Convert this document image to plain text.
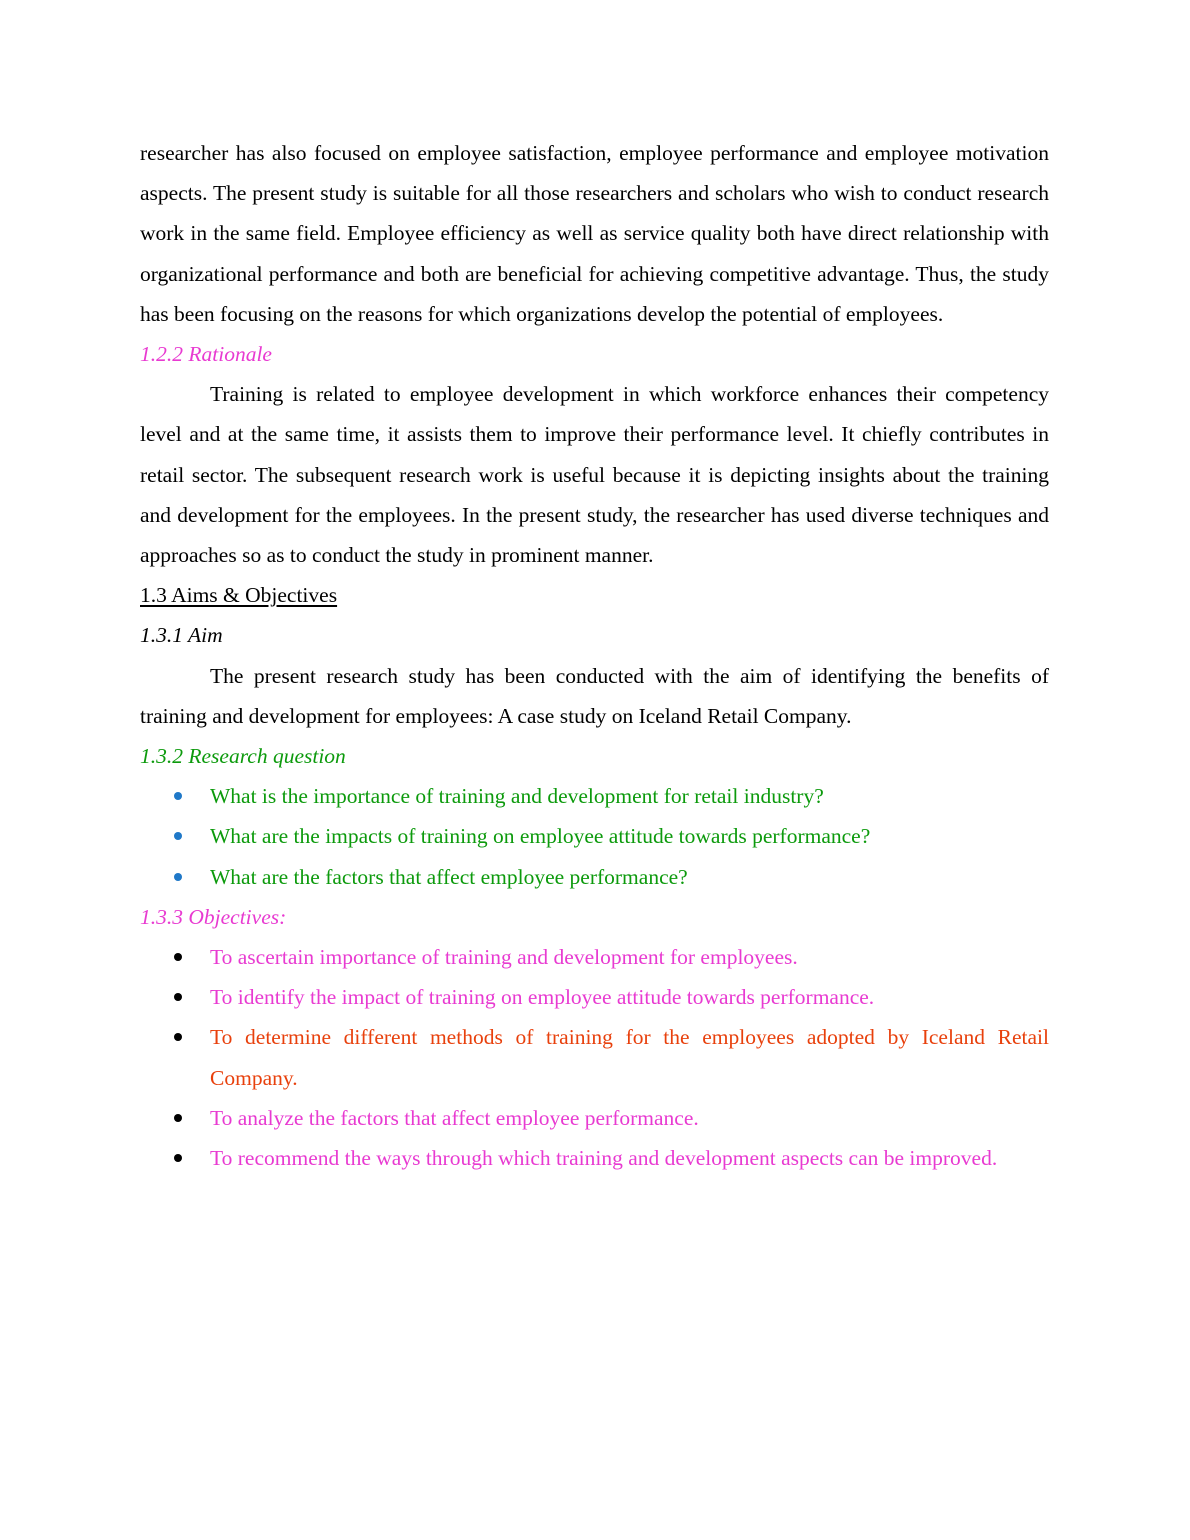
researcher has also focused on employee satisfaction, employee performance and employee motivation aspects. The present study is suitable for all those researchers and scholars who wish to conduct research work in the same field. Employee efficiency as well as service quality both have direct relationship with organizational performance and both are beneficial for achieving competitive advantage. Thus, the study has been focusing on the reasons for which organizations develop the potential of employees.

1.2.2 Rationale

Training is related to employee development in which workforce enhances their competency level and at the same time, it assists them to improve their performance level. It chiefly contributes in retail sector. The subsequent research work is useful because it is depicting insights about the training and development for the employees. In the present study, the researcher has used diverse techniques and approaches so as to conduct the study in prominent manner.

1.3 Aims & Objectives

1.3.1 Aim

The present research study has been conducted with the aim of identifying the benefits of training and development for employees: A case study on Iceland Retail Company.

1.3.2 Research question

What is the importance of training and development for retail industry?
What are the impacts of training on employee attitude towards performance?
What are the factors that affect employee performance?

1.3.3 Objectives:

To ascertain importance of training and development for employees.
To identify the impact of training on employee attitude towards performance.
To determine different methods of training for the employees adopted by Iceland Retail Company.
To analyze the factors that affect employee performance.
To recommend the ways through which training and development aspects can be improved.
